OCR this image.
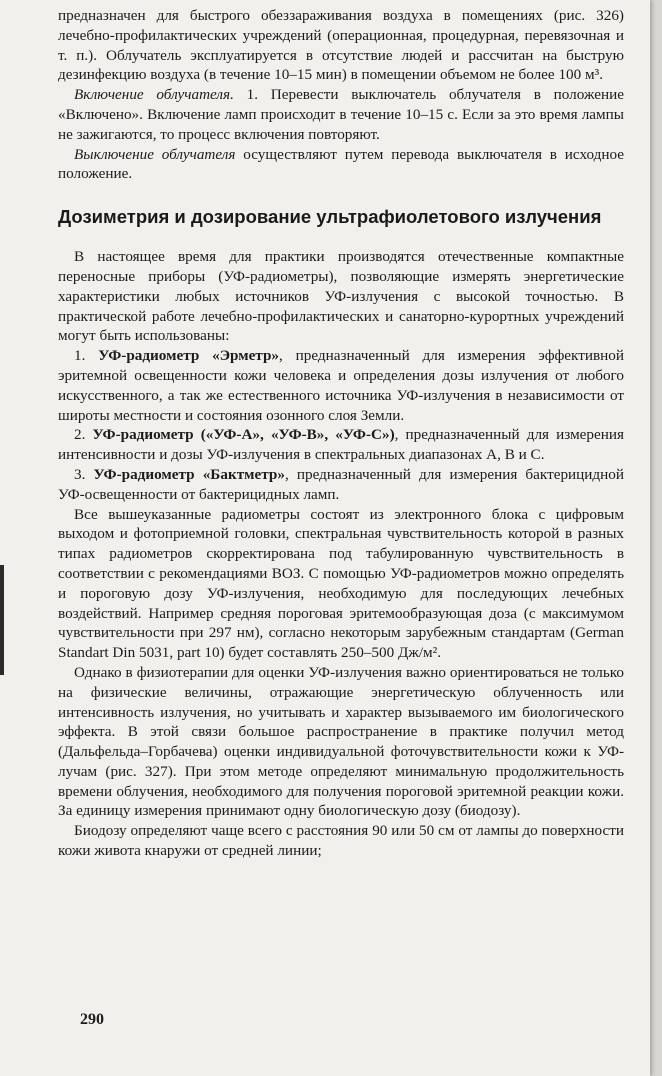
предназначен для быстрого обеззараживания воздуха в помещениях (рис. 326) лечебно-профилактических учреждений (операционная, процедурная, перевязочная и т. п.). Облучатель эксплуатируется в отсутствие людей и рассчитан на быструю дезинфекцию воздуха (в течение 10–15 мин) в помещении объемом не более 100 м³.

Включение облучателя. 1. Перевести выключатель облучателя в положение «Включено». Включение ламп происходит в течение 10–15 с. Если за это время лампы не зажигаются, то процесс включения повторяют.

Выключение облучателя осуществляют путем перевода выключателя в исходное положение.

Дозиметрия и дозирование ультрафиолетового излучения

В настоящее время для практики производятся отечественные компактные переносные приборы (УФ-радиометры), позволяющие измерять энергетические характеристики любых источников УФ-излучения с высокой точностью. В практической работе лечебно-профилактических и санаторно-курортных учреждений могут быть использованы:

1. УФ-радиометр «Эрметр», предназначенный для измерения эффективной эритемной освещенности кожи человека и определения дозы излучения от любого искусственного, а так же естественного источника УФ-излучения в независимости от широты местности и состояния озонного слоя Земли.

2. УФ-радиометр («УФ-А», «УФ-В», «УФ-С»), предназначенный для измерения интенсивности и дозы УФ-излучения в спектральных диапазонах А, В и С.

3. УФ-радиометр «Бактметр», предназначенный для измерения бактерицидной УФ-освещенности от бактерицидных ламп.

Все вышеуказанные радиометры состоят из электронного блока с цифровым выходом и фотоприемной головки, спектральная чувствительность которой в разных типах радиометров скорректирована под табулированную чувствительность в соответствии с рекомендациями ВОЗ. С помощью УФ-радиометров можно определять и пороговую дозу УФ-излучения, необходимую для последующих лечебных воздействий. Например средняя пороговая эритемообразующая доза (с максимумом чувствительности при 297 нм), согласно некоторым зарубежным стандартам (German Standart Din 5031, part 10) будет составлять 250–500 Дж/м².

Однако в физиотерапии для оценки УФ-излучения важно ориентироваться не только на физические величины, отражающие энергетическую облученность или интенсивность излучения, но учитывать и характер вызываемого им биологического эффекта. В этой связи большое распространение в практике получил метод (Дальфельда–Горбачева) оценки индивидуальной фоточувствительности кожи к УФ-лучам (рис. 327). При этом методе определяют минимальную продолжительность времени облучения, необходимого для получения пороговой эритемной реакции кожи. За единицу измерения принимают одну биологическую дозу (биодозу).

Биодозу определяют чаще всего с расстояния 90 или 50 см от лампы до поверхности кожи живота кнаружи от средней линии;

290
